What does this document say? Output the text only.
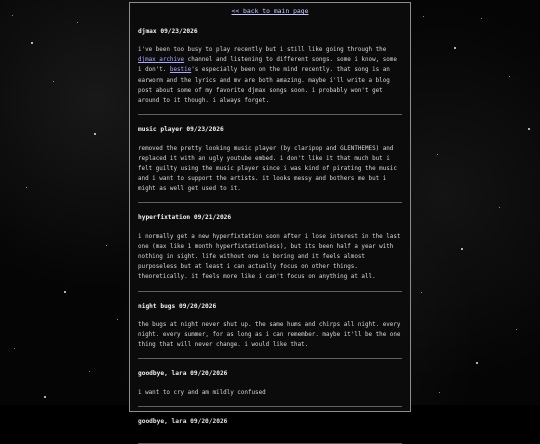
<< back to main page
djmax 09/23/2026
i've been too busy to play recently but i still like going through the djmax archive channel and listening to different songs. some i know, some i don't. bestie's especially been on the mind recently. that song is an earworm and the lyrics and mv are both amazing. maybe i'll write a blog post about some of my favorite djmax songs soon. i probably won't get around to it though. i always forget.
music player 09/23/2026
removed the pretty looking music player (by claripop and GLENTHEMES) and replaced it with an ugly youtube embed. i don't like it that much but i felt guilty using the music player since i was kind of pirating the music and i want to support the artists. it looks messy and bothers me but i might as well get used to it.
hyperfixtation 09/21/2026
i normally get a new hyperfixtation soon after i lose interest in the last one (max like 1 month hyperfixtationless), but its been half a year with nothing in sight. life without one is boring and it feels almost purposeless but at least i can actually focus on other things. theoretically. it feels more like i can't focus on anything at all.
night bugs 09/20/2026
the bugs at night never shut up. the same hums and chirps all night. every night. every summer, for as long as i can remember. maybe it'll be the one thing that will never change. i would like that.
goodbye, lara 09/20/2026
i want to cry and am mildly confused
goodbye, lara 09/20/2026
